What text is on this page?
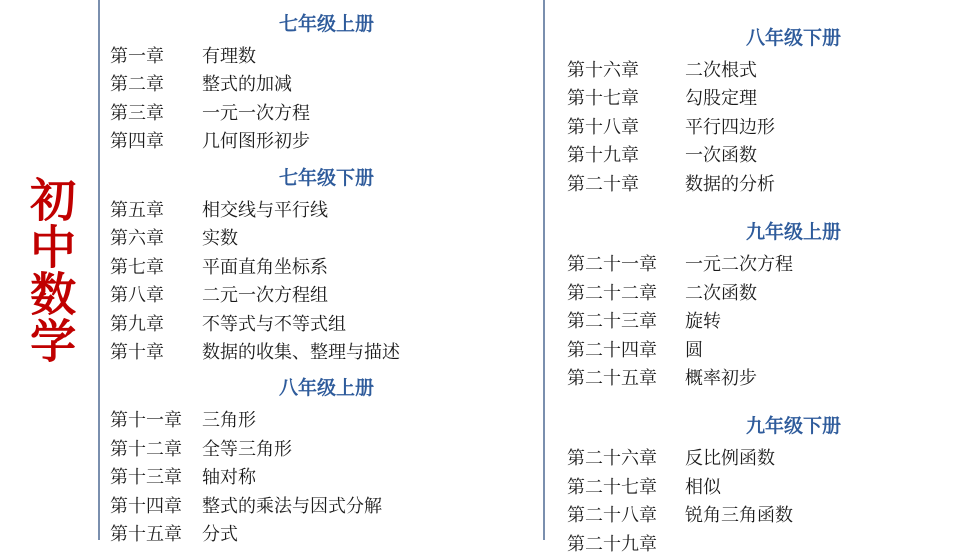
初中数学
七年级上册
第一章	有理数
第二章	整式的加减
第三章	一元一次方程
第四章	几何图形初步
七年级下册
第五章	相交线与平行线
第六章	实数
第七章	平面直角坐标系
第八章	二元一次方程组
第九章	不等式与不等式组
第十章	数据的收集、整理与描述
八年级上册
第十一章	三角形
第十二章	全等三角形
第十三章	轴对称
第十四章	整式的乘法与因式分解
第十五章	分式
八年级下册
第十六章	二次根式
第十七章	勾股定理
第十八章	平行四边形
第十九章	一次函数
第二十章	数据的分析
九年级上册
第二十一章	一元二次方程
第二十二章	二次函数
第二十三章	旋转
第二十四章	圆
第二十五章	概率初步
九年级下册
第二十六章	反比例函数
第二十七章	相似
第二十八章	锐角三角函数
第二十九章
